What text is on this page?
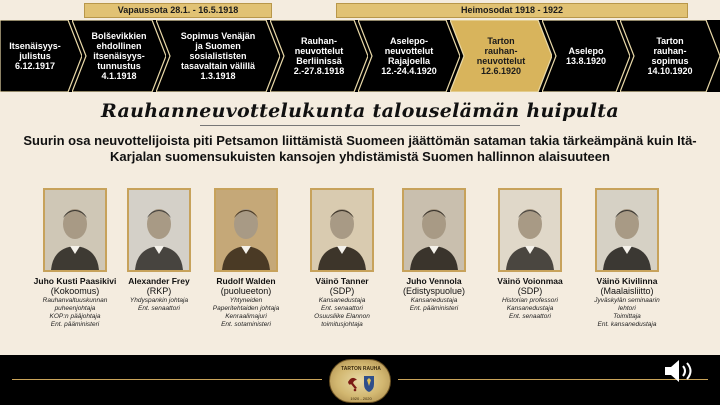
Vapaussota 28.1. - 16.5.1918	Heimosodat 1918 - 1922
Itsenäisyys-
julistus
6.12.1917
Bolševikkien
ehdollinen
itsenäisyys-
tunnustus
4.1.1918
Sopimus Venäjän
ja Suomen
sosialististen
tasavaltain välillä
1.3.1918
Rauhan-
neuvottelut
Berliinissä
2.-27.8.1918
Aselepo-
neuvottelut
Rajajoella
12.-24.4.1920
Tarton
rauhan-
neuvottelut
12.6.1920
Aselepo
13.8.1920
Tarton
rauhan-
sopimus
14.10.1920
Rauhanneuvottelukunta talouselämän huipulta
Suurin osa neuvottelijoista piti Petsamon liittämistä Suomeen jäättömän sataman takia tärkeämpänä kuin Itä-Karjalan suomensukuisten kansojen yhdistämistä Suomen hallinnon alaisuuteen
Juho Kusti Paasikivi
(Kokoomus)
Rauhanvaltuuskunnan
puheenjohtaja
KOP:n pääjohtaja
Ent. pääministeri
Alexander Frey
(RKP)
Yhdyspankin johtaja
Ent. senaattori
Rudolf Walden
(puolueeton)
Yhtyneiden
Paperitehtaiden johtaja
Kenraalimajuri
Ent. sotaministeri
Väinö Tanner
(SDP)
Kansanedustaja
Ent. senaattori
Osuusliike Elannon
toimitusjohtaja
Juho Vennola
(Edistyspuolue)
Kansanedustaja
Ent. pääministeri
Väinö Voionmaa
(SDP)
Historian professori
Kansanedustaja
Ent. senaattori
Väinö Kivilinna
(Maalaisliitto)
Jyväskylän seminaarin
lehtori
Toimittaja
Ent. kansanedustaja
TARTON RAUHA
1920 - 2020
